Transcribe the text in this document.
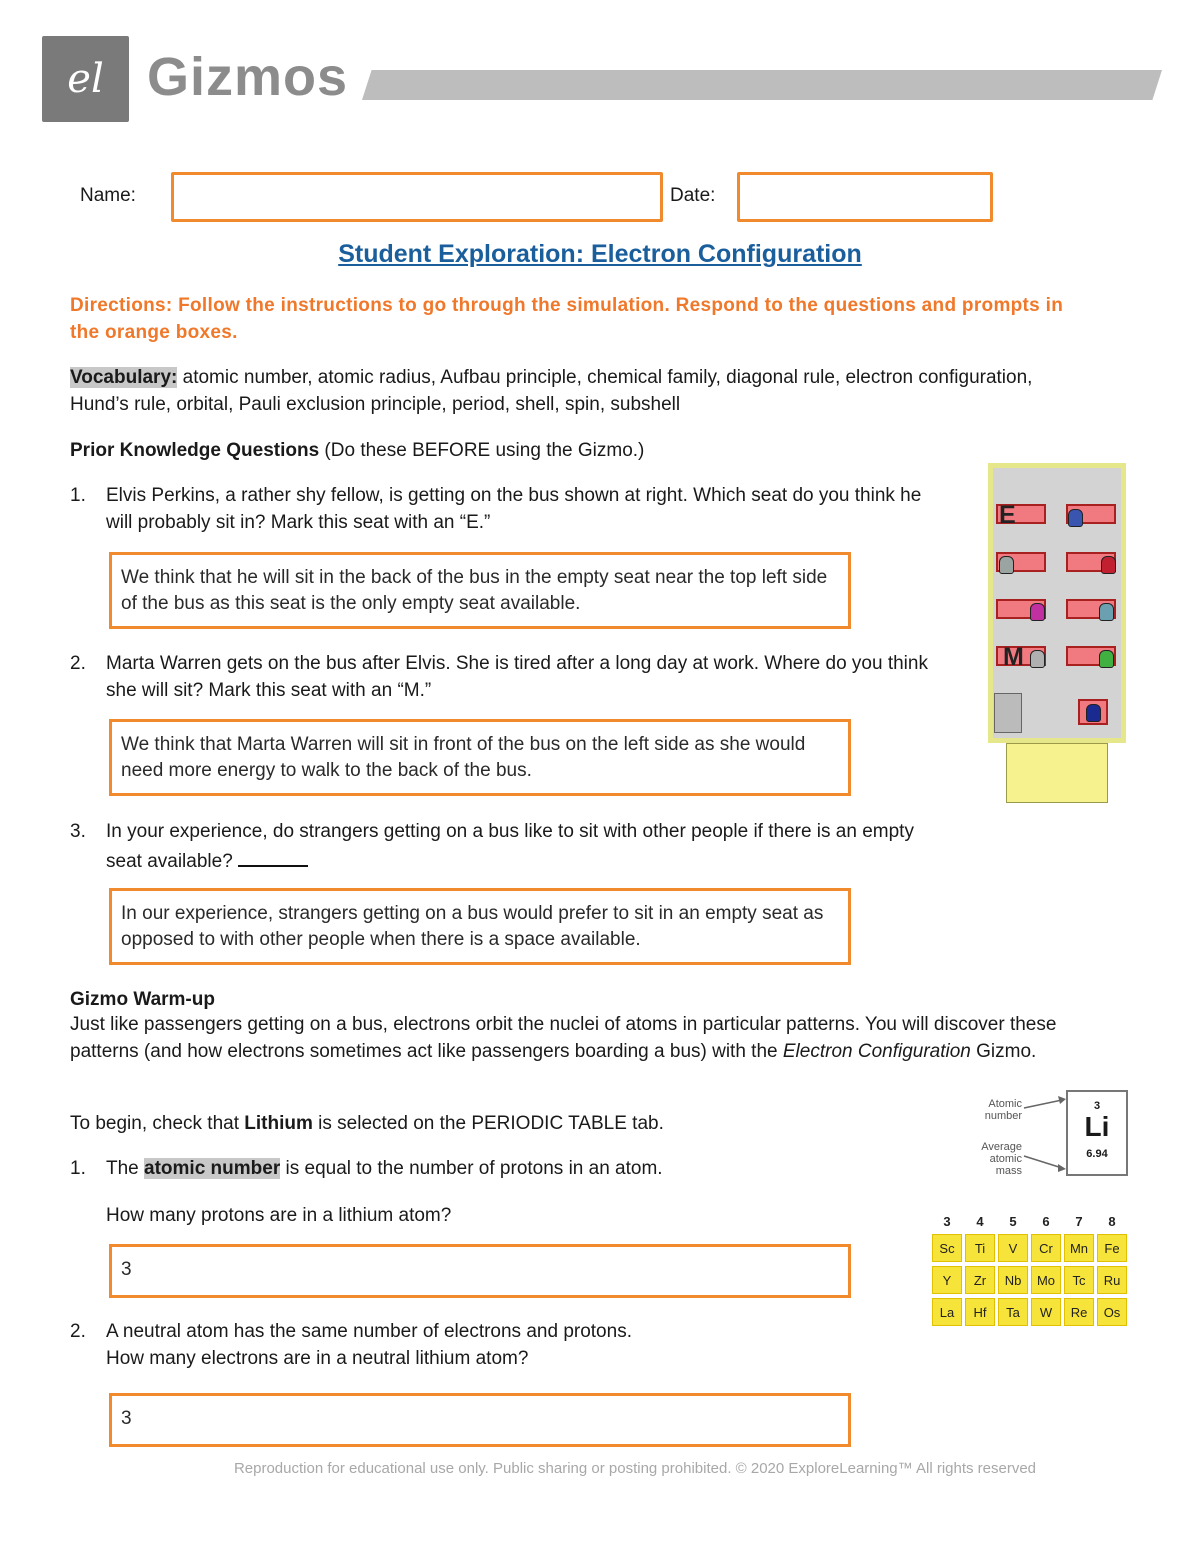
el Gizmos
Name:	Date:
Student Exploration: Electron Configuration
Directions: Follow the instructions to go through the simulation. Respond to the questions and prompts in the orange boxes.
Vocabulary: atomic number, atomic radius, Aufbau principle, chemical family, diagonal rule, electron configuration, Hund’s rule, orbital, Pauli exclusion principle, period, shell, spin, subshell
Prior Knowledge Questions (Do these BEFORE using the Gizmo.)
1.	Elvis Perkins, a rather shy fellow, is getting on the bus shown at right. Which seat do you think he will probably sit in? Mark this seat with an “E.”
We think that he will sit in the back of the bus in the empty seat near the top left side of the bus as this seat is the only empty seat available.
2.	Marta Warren gets on the bus after Elvis. She is tired after a long day at work. Where do you think she will sit? Mark this seat with an “M.”
We think that Marta Warren will sit in front of the bus on the left side as she would need more energy to walk to the back of the bus.
3.	In your experience, do strangers getting on a bus like to sit with other people if there is an empty seat available?
In our experience, strangers getting on a bus would prefer to sit in an empty seat as opposed to with other people when there is a space available.
E
M
Gizmo Warm-up
Just like passengers getting on a bus, electrons orbit the nuclei of atoms in particular patterns. You will discover these patterns (and how electrons sometimes act like passengers boarding a bus) with the Electron Configuration Gizmo.
To begin, check that Lithium is selected on the PERIODIC TABLE tab.
1.	The atomic number is equal to the number of protons in an atom.
How many protons are in a lithium atom?
3
2.	A neutral atom has the same number of electrons and protons.
How many electrons are in a neutral lithium atom?
3
Atomic number
Average atomic mass
3
Li
6.94
3	4	5	6	7	8
Sc	Ti	V	Cr	Mn	Fe
Y	Zr	Nb	Mo	Tc	Ru
La	Hf	Ta	W	Re	Os
Reproduction for educational use only. Public sharing or posting prohibited. © 2020 ExploreLearning™ All rights reserved
